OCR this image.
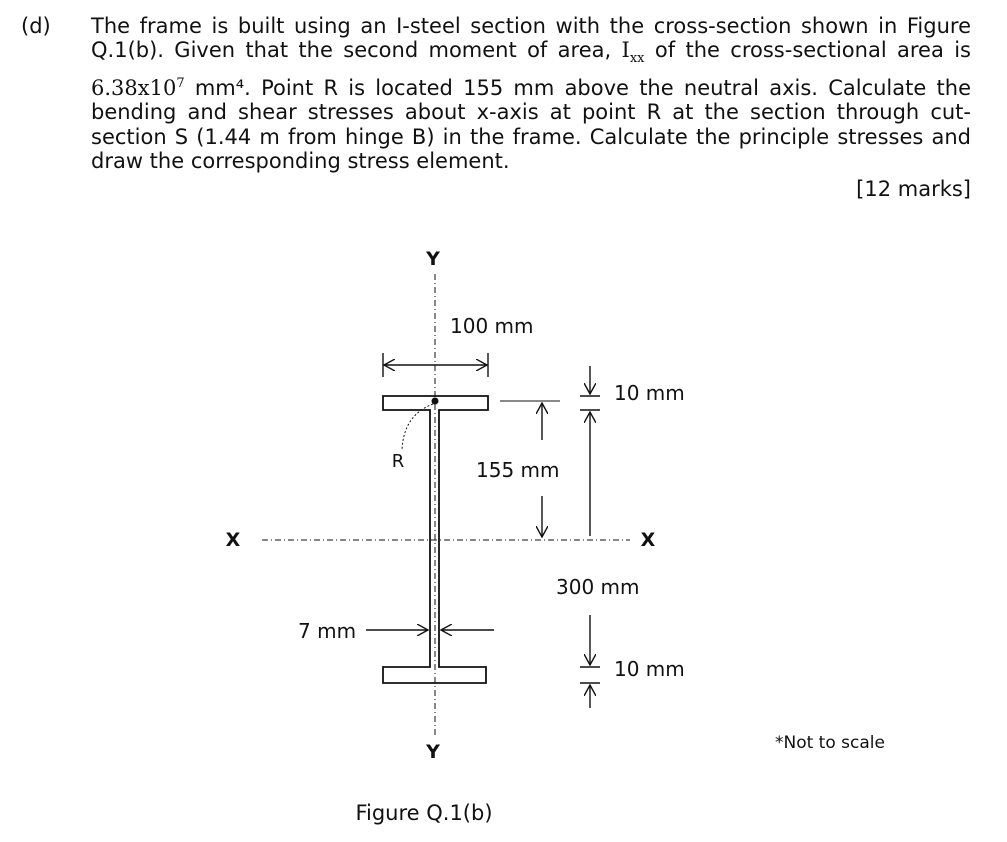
(d) The frame is built using an I-steel section with the cross-section shown in Figure
Q.1(b). Given that the second moment of area, $I_{xx}$ of the cross-sectional area is
$6.38x10^7$ mm⁴. Point R is located 155 mm above the neutral axis. Calculate the
bending and shear stresses about x-axis at point R at the section through cut-
section S (1.44 m from hinge B) in the frame. Calculate the principle stresses and
draw the corresponding stress element.
[12 marks]
Y
Y
X	X
100 mm
R	155 mm
10 mm
300 mm
10 mm
7 mm
*Not to scale
Figure Q.1(b)
